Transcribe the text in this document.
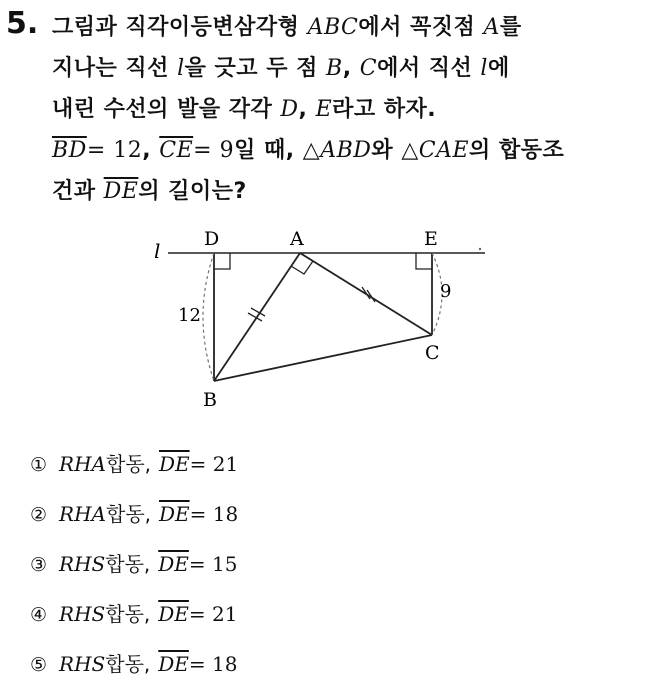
5. 그림과 직각이등변삼각형 ABC에서 꼭짓점 A를
지나는 직선 l을 긋고 두 점 B, C에서 직선 l에
내린 수선의 발을 각각 D, E라고 하자.
$\overline{BD}= 12$, $\overline{CE}= 9$일 때, △ABD와 △CAE의 합동조
건과 $\overline{DE}$의 길이는?
l D	A	E
B
C
12
9
① RHA합동, $\overline{DE}= 21$
② RHA합동, $\overline{DE}= 18$
③ RHS합동, $\overline{DE}= 15$
④ RHS합동, $\overline{DE}= 21$
⑤ RHS합동, $\overline{DE}= 18$
